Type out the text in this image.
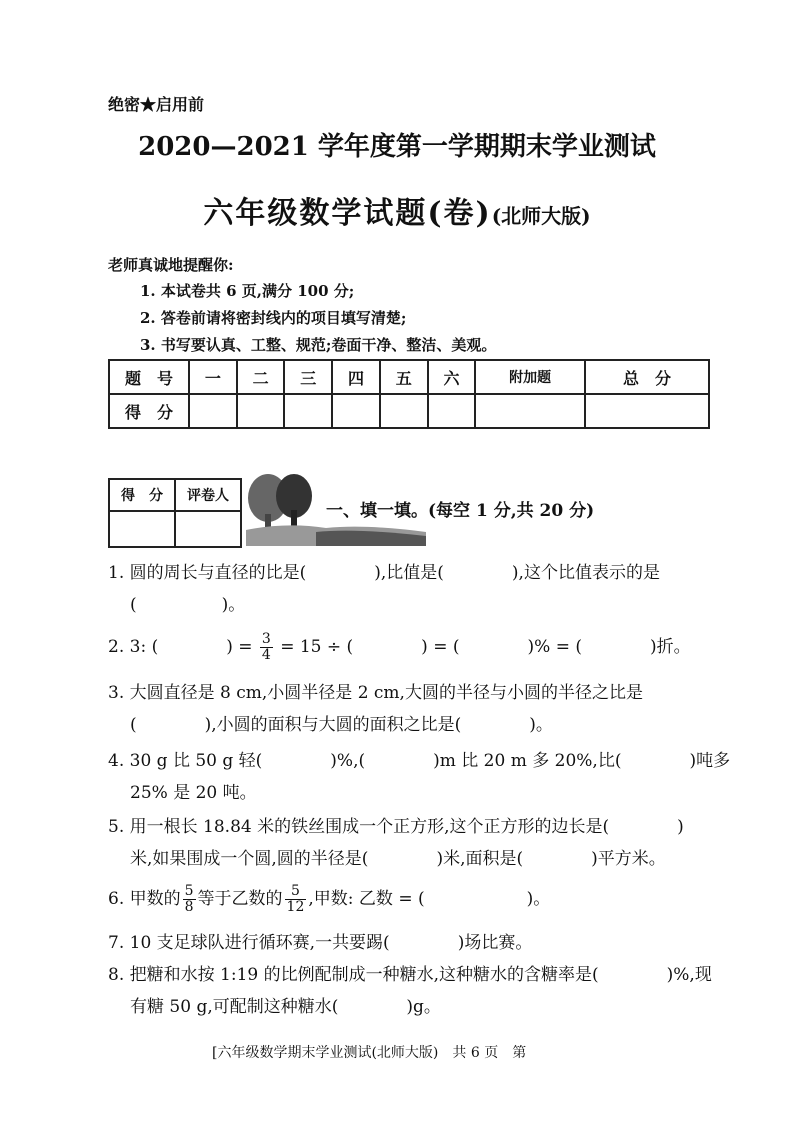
绝密★启用前
2020—2021 学年度第一学期期末学业测试
六年级数学试题(卷)(北师大版)
老师真诚地提醒你:
1. 本试卷共 6 页,满分 100 分;
2. 答卷前请将密封线内的项目填写清楚;
3. 书写要认真、工整、规范;卷面干净、整洁、美观。
题　号	一	二	三	四	五	六	附加题	总　分
得　分								
得　分	评卷人

一、填一填。(每空 1 分,共 20 分)
1. 圆的周长与直径的比是(　　　　),比值是(　　　　),这个比值表示的是
(　　　　　)。
2. 3: (　　　　) = $\frac{3}{4} = 15$ ÷ (　　　　) = (　　　　)% = (　　　　)折。
3. 大圆直径是 8 cm,小圆半径是 2 cm,大圆的半径与小圆的半径之比是
(　　　　),小圆的面积与大圆的面积之比是(　　　　)。
4. 30 g 比 50 g 轻(　　　　)%,(　　　　)m 比 20 m 多 20%,比(　　　　)吨多
25% 是 20 吨。
5. 用一根长 18.84 米的铁丝围成一个正方形,这个正方形的边长是(　　　　)
米,如果围成一个圆,圆的半径是(　　　　)米,面积是(　　　　)平方米。
6. 甲数的 $\frac{5}{8}$ 等于乙数的 $\frac{5}{12}$ ,甲数: 乙数 = (　　　　　　)。
7. 10 支足球队进行循环赛,一共要踢(　　　　)场比赛。
8. 把糖和水按 1:19 的比例配制成一种糖水,这种糖水的含糖率是(　　　　)%,现
有糖 50 g,可配制这种糖水(　　　　)g。
[六年级数学期末学业测试(北师大版)　共 6 页　第
